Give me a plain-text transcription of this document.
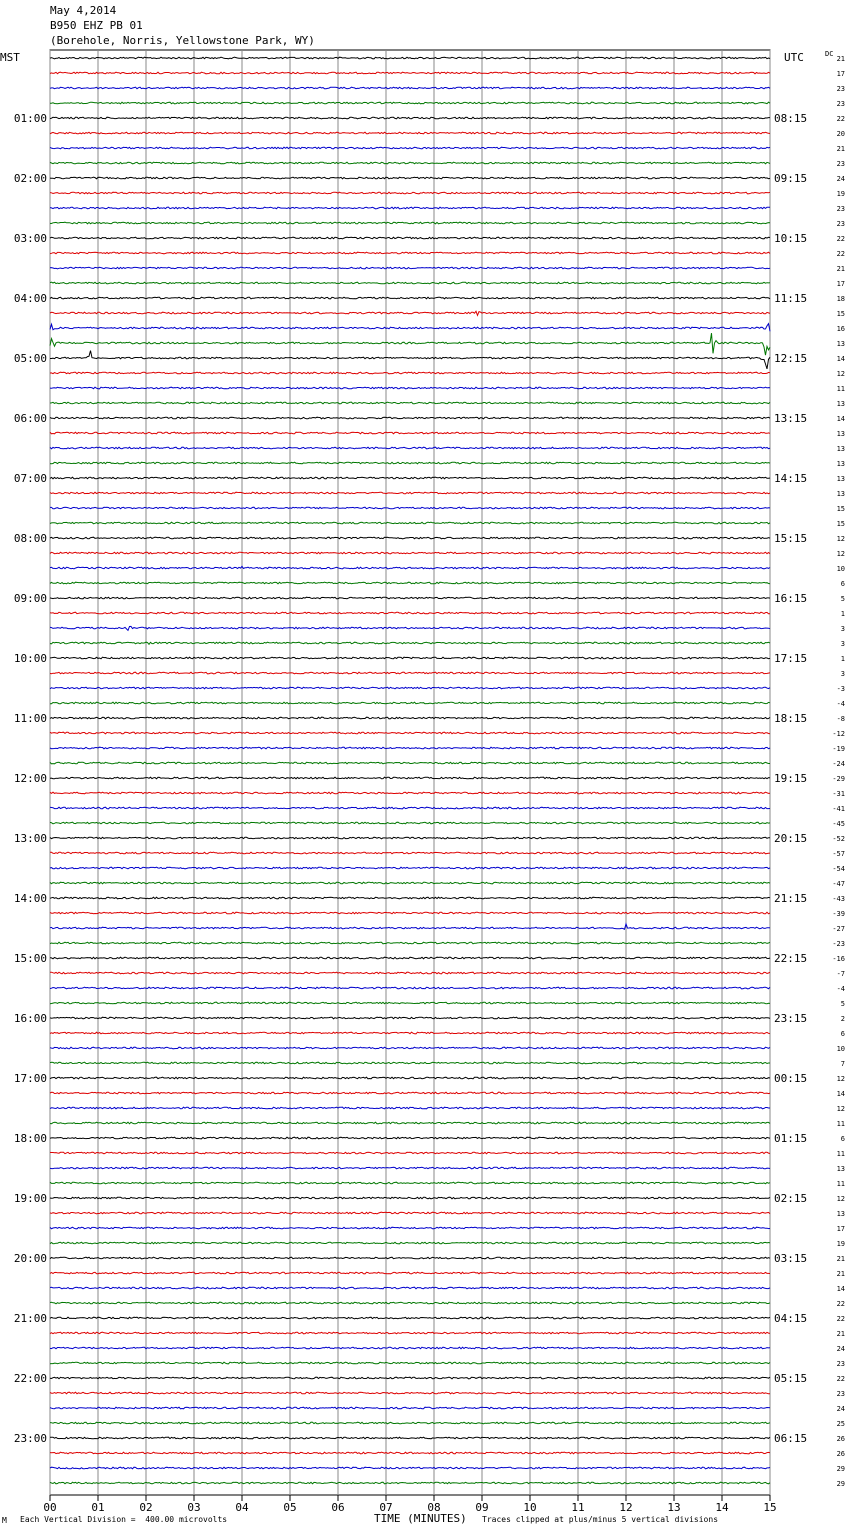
May 4,2014
B950 EHZ PB 01
(Borehole, Norris, Yellowstone Park, WY)
00	01	02	03	04	05	06	07	08	09	10	11	12	13	14	15
21
17
23
23
22
20
21
23
24
19
23
23
22
22
21
17
18
15
16
13
14
12
11
13
14
13
13
13
13
13
15
15
12
12
10
6
5
1
3
3
1
3
-3
-4
-8
-12
-19
-24
-29
-31
-41
-45
-52
-57
-54
-47
-43
-39
-27
-23
-16
-7
-4
5
2
6
10
7
12
14
12
11
6
11
13
11
12
13
17
19
21
21
14
22
22
21
24
23
22
23
24
25
26
26
29
29
01:00
02:00
03:00
04:00
05:00
06:00
07:00
08:00
09:00
10:00
11:00
12:00
13:00
14:00
15:00
16:00
17:00
18:00
19:00
20:00
21:00
22:00
23:00
08:15
09:15
10:15
11:15
12:15
13:15
14:15
15:15
16:15
17:15
18:15
19:15
20:15
21:15
22:15
23:15
00:15
01:15
02:15
03:15
04:15
05:15
06:15
MST	UTC	DC
M Each Vertical Division =  400.00 microvolts	TIME (MINUTES) Traces clipped at plus/minus 5 vertical divisions
